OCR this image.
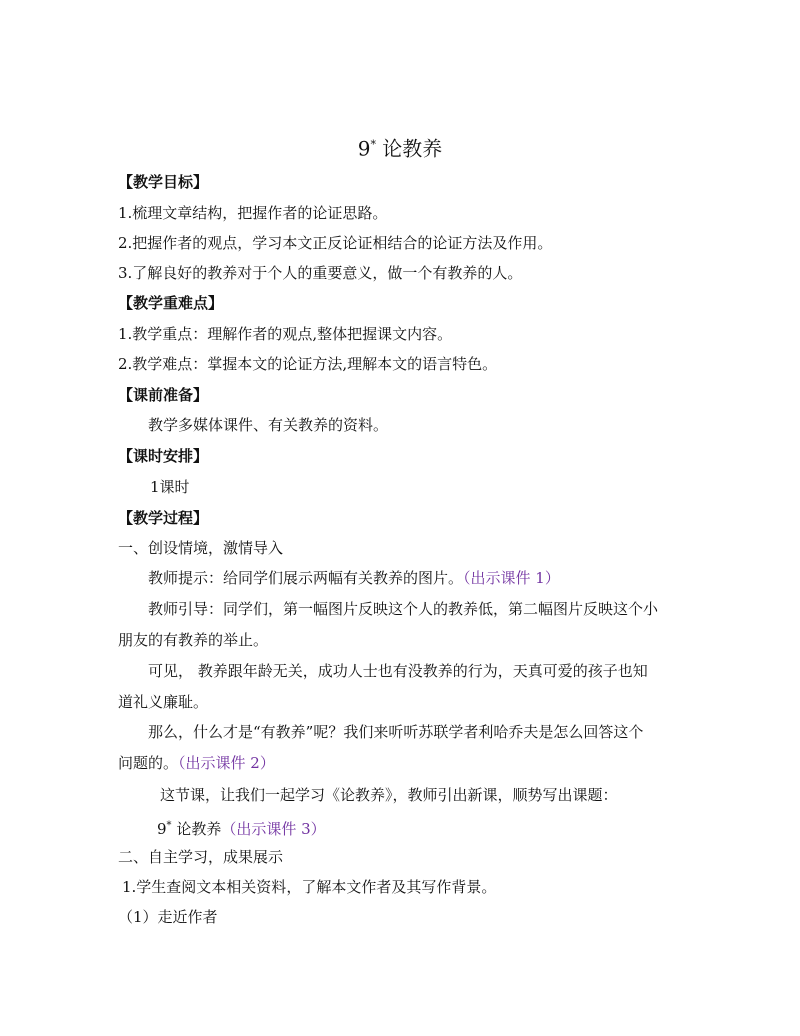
9* 论教养
【教学目标】
1.梳理文章结构，把握作者的论证思路。
2.把握作者的观点，学习本文正反论证相结合的论证方法及作用。
3.了解良好的教养对于个人的重要意义，做一个有教养的人。
【教学重难点】
1.教学重点：理解作者的观点,整体把握课文内容。
2.教学难点：掌握本文的论证方法,理解本文的语言特色。
【课前准备】
教学多媒体课件、有关教养的资料。
【课时安排】
1课时
【教学过程】
一、创设情境，激情导入
教师提示：给同学们展示两幅有关教养的图片。（出示课件 1）
教师引导：同学们，第一幅图片反映这个人的教养低，第二幅图片反映这个小
朋友的有教养的举止。
可见， 教养跟年龄无关，成功人士也有没教养的行为，天真可爱的孩子也知
道礼义廉耻。
那么，什么才是“有教养”呢？我们来听听苏联学者利哈乔夫是怎么回答这个
问题的。（出示课件 2）
这节课，让我们一起学习《论教养》，教师引出新课，顺势写出课题：
9* 论教养（出示课件 3）
二、自主学习，成果展示
1.学生查阅文本相关资料，了解本文作者及其写作背景。
（1）走近作者
